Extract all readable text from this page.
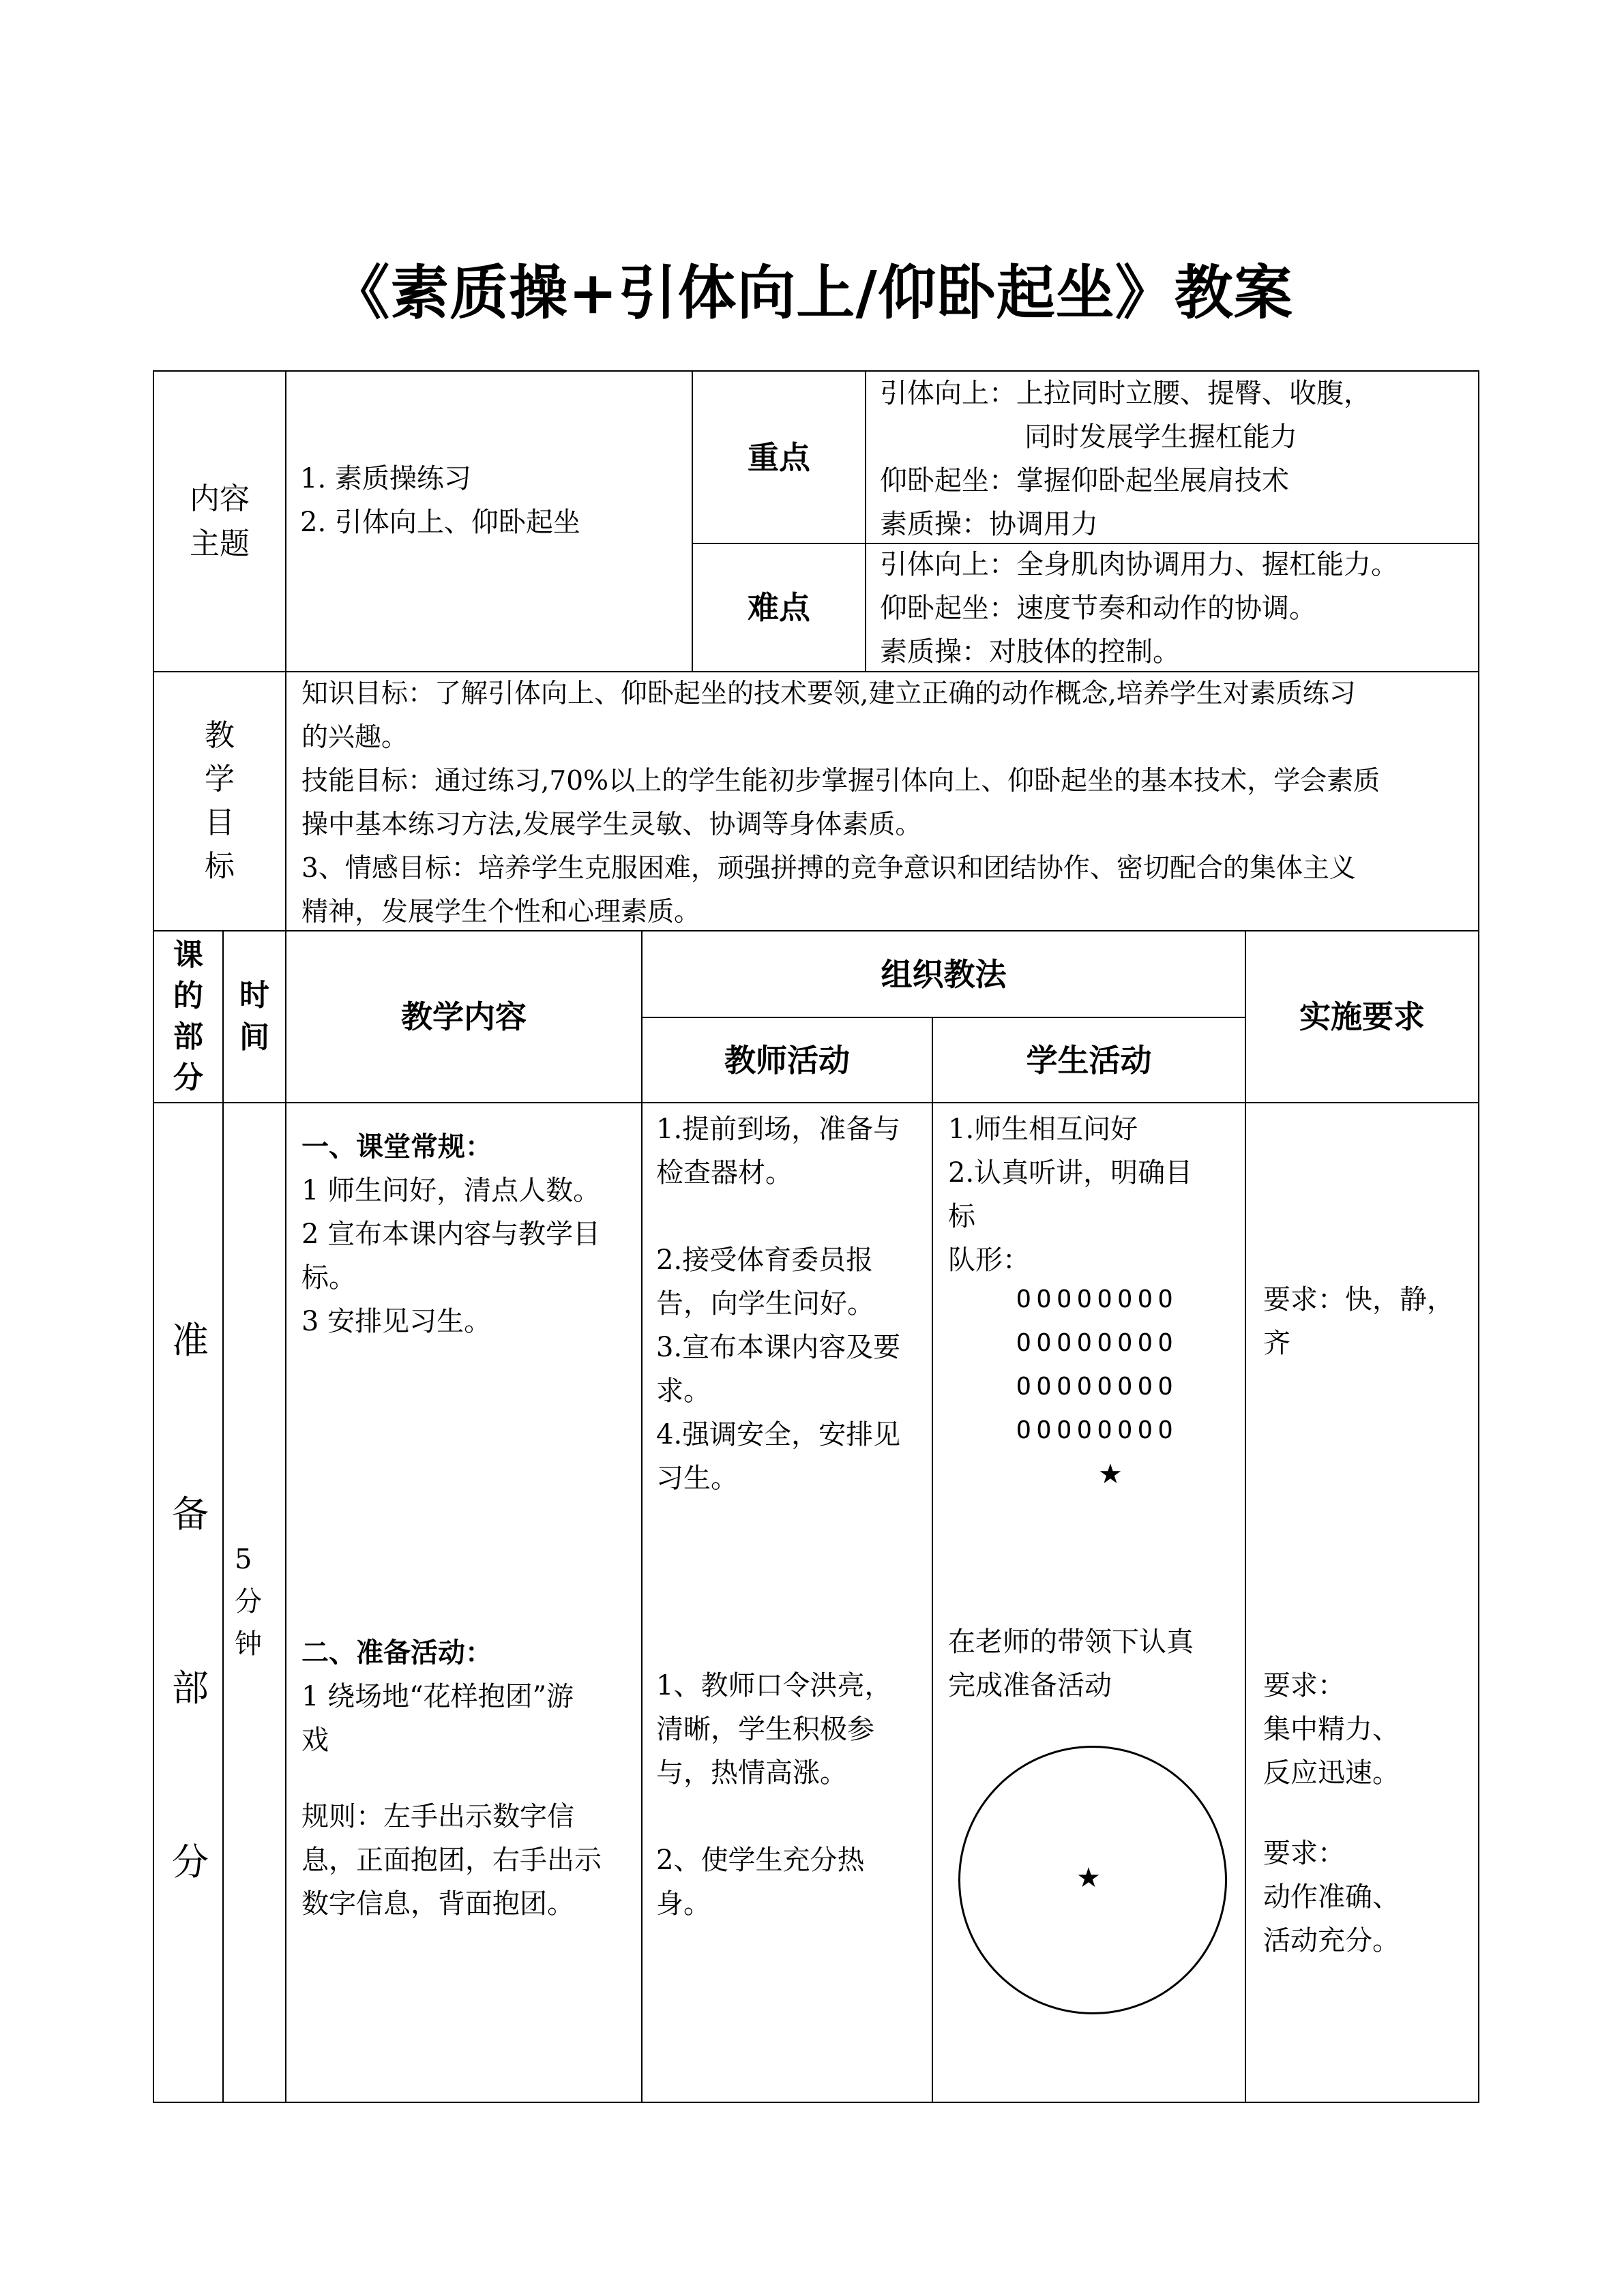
《素质操+引体向上/仰卧起坐》教案
内容
主题
1. 素质操练习
2. 引体向上、仰卧起坐
重点
引体向上：上拉同时立腰、提臀、收腹，
同时发展学生握杠能力
仰卧起坐：掌握仰卧起坐展肩技术
素质操：协调用力
难点
引体向上：全身肌肉协调用力、握杠能力。
仰卧起坐：速度节奏和动作的协调。
素质操：对肢体的控制。
教
学
目
标
知识目标：了解引体向上、仰卧起坐的技术要领,建立正确的动作概念,培养学生对素质练习
的兴趣。
技能目标：通过练习,70%以上的学生能初步掌握引体向上、仰卧起坐的基本技术，学会素质
操中基本练习方法,发展学生灵敏、协调等身体素质。
3、情感目标：培养学生克服困难，顽强拼搏的竞争意识和团结协作、密切配合的集体主义
精神，发展学生个性和心理素质。
课
的
部
分
时
间
教学内容
组织教法
教师活动	学生活动
实施要求
准
备
部
分
5
分
钟
一、课堂常规：
1 师生问好，清点人数。
2 宣布本课内容与教学目
标。
3 安排见习生。
二、准备活动：
1 绕场地“花样抱团”游
戏
规则：左手出示数字信
息，正面抱团，右手出示
数字信息，背面抱团。
1.提前到场，准备与
检查器材。
2.接受体育委员报
告，向学生问好。
3.宣布本课内容及要
求。
4.强调安全，安排见
习生。
1、教师口令洪亮，
清晰，学生积极参
与，热情高涨。
2、使学生充分热
身。
1.师生相互问好
2.认真听讲，明确目
标
队形：
OOOOOOOO
OOOOOOOO
OOOOOOOO
OOOOOOOO
★
在老师的带领下认真
完成准备活动
★
要求：快，静，
齐
要求：
集中精力、
反应迅速。
要求：
动作准确、
活动充分。
